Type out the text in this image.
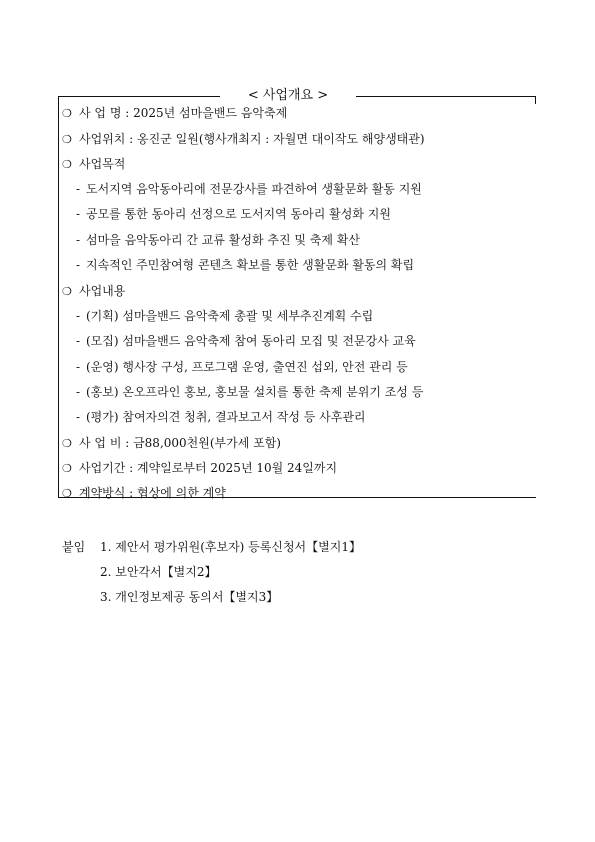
< 사업개요 >
❍ 사 업 명 : 2025년 섬마을밴드 음악축제
❍ 사업위치 : 옹진군 일원(행사개최지 : 자월면 대이작도 해양생태관)
❍ 사업목적
- 도서지역 음악동아리에 전문강사를 파견하여 생활문화 활동 지원
- 공모를 통한 동아리 선정으로 도서지역 동아리 활성화 지원
- 섬마을 음악동아리 간 교류 활성화 추진 및 축제 확산
- 지속적인 주민참여형 콘텐츠 확보를 통한 생활문화 활동의 확립
❍ 사업내용
- (기획) 섬마을밴드 음악축제 총괄 및 세부추진계획 수립
- (모집) 섬마을밴드 음악축제 참여 동아리 모집 및 전문강사 교육
- (운영) 행사장 구성, 프로그램 운영, 출연진 섭외, 안전 관리 등
- (홍보) 온오프라인 홍보, 홍보물 설치를 통한 축제 분위기 조성 등
- (평가) 참여자의견 청취, 결과보고서 작성 등 사후관리
❍ 사 업 비 : 금88,000천원(부가세 포함)
❍ 사업기간 : 계약일로부터 2025년 10월 24일까지
❍ 계약방식 : 협상에 의한 계약
붙임 1. 제안서 평가위원(후보자) 등록신청서【별지1】
2. 보안각서【별지2】
3. 개인정보제공 동의서【별지3】
